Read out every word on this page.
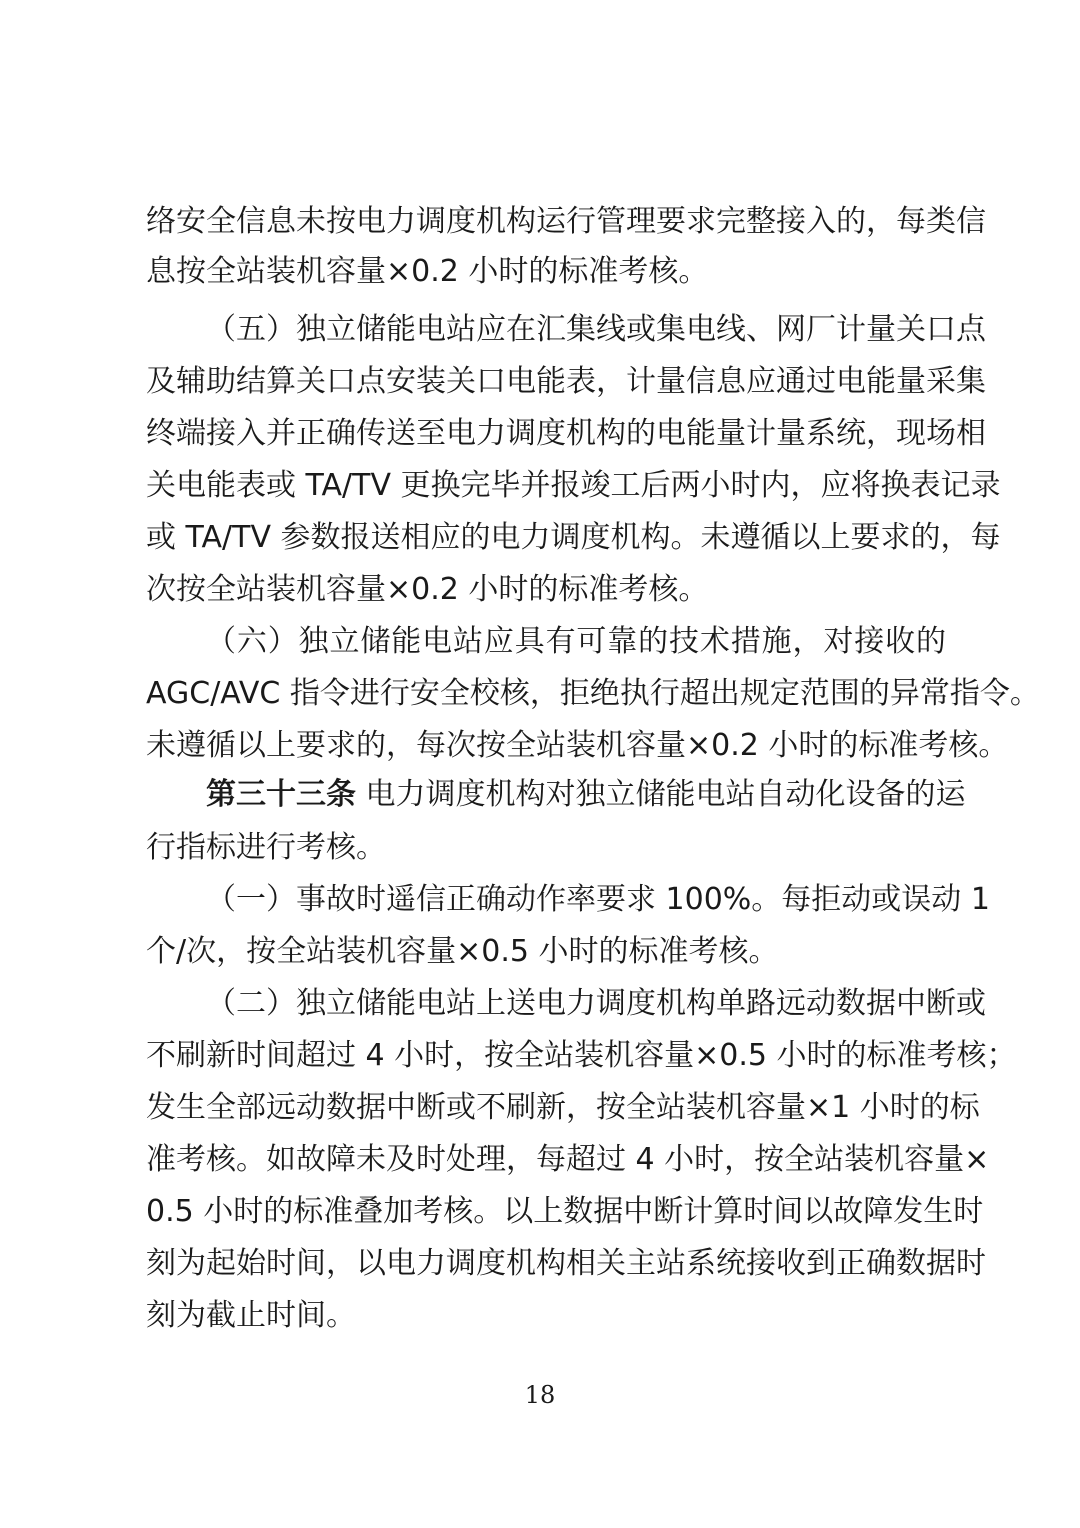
络安全信息未按电力调度机构运行管理要求完整接入的，每类信
息按全站装机容量×0.2 小时的标准考核。
（五）独立储能电站应在汇集线或集电线、网厂计量关口点
及辅助结算关口点安装关口电能表，计量信息应通过电能量采集
终端接入并正确传送至电力调度机构的电能量计量系统，现场相
关电能表或 TA/TV 更换完毕并报竣工后两小时内，应将换表记录
或 TA/TV 参数报送相应的电力调度机构。未遵循以上要求的，每
次按全站装机容量×0.2 小时的标准考核。
（六）独立储能电站应具有可靠的技术措施，对接收的
AGC/AVC 指令进行安全校核，拒绝执行超出规定范围的异常指令。
未遵循以上要求的，每次按全站装机容量×0.2 小时的标准考核。
第三十三条 电力调度机构对独立储能电站自动化设备的运
行指标进行考核。
（一）事故时遥信正确动作率要求 100%。每拒动或误动 1
个/次，按全站装机容量×0.5 小时的标准考核。
（二）独立储能电站上送电力调度机构单路远动数据中断或
不刷新时间超过 4 小时，按全站装机容量×0.5 小时的标准考核；
发生全部远动数据中断或不刷新，按全站装机容量×1 小时的标
准考核。如故障未及时处理，每超过 4 小时，按全站装机容量×
0.5 小时的标准叠加考核。以上数据中断计算时间以故障发生时
刻为起始时间，以电力调度机构相关主站系统接收到正确数据时
刻为截止时间。
18
